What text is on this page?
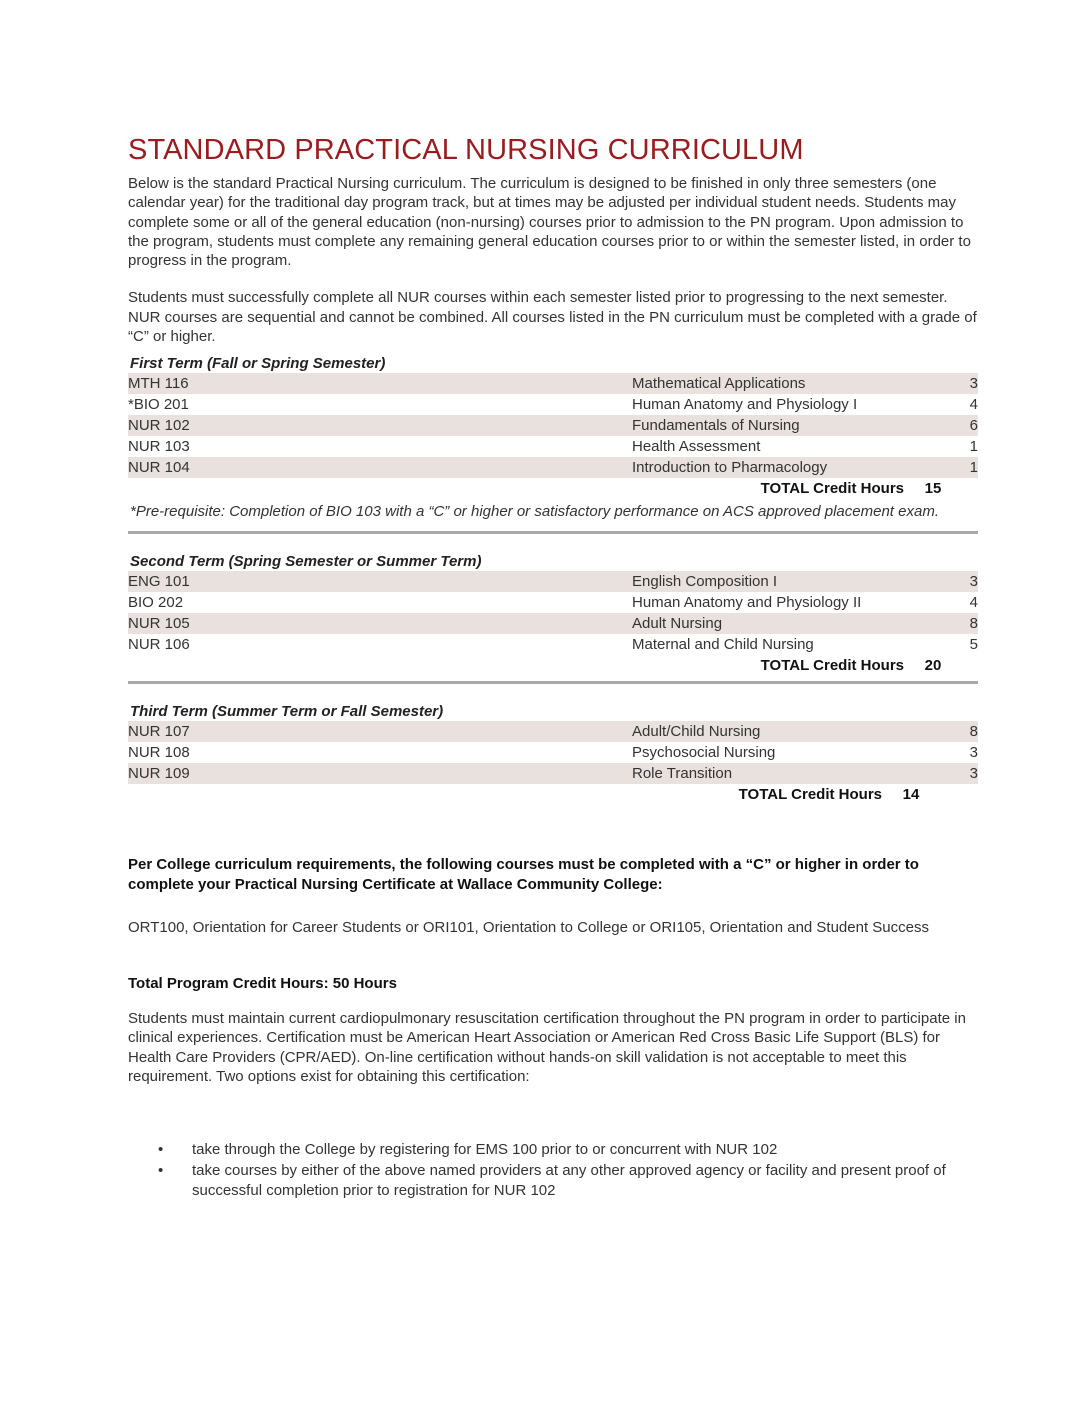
STANDARD PRACTICAL NURSING CURRICULUM

Below is the standard Practical Nursing curriculum. The curriculum is designed to be finished in only three semesters (one calendar year) for the traditional day program track, but at times may be adjusted per individual student needs. Students may complete some or all of the general education (non-nursing) courses prior to admission to the PN program. Upon admission to the program, students must complete any remaining general education courses prior to or within the semester listed, in order to progress in the program.

Students must successfully complete all NUR courses within each semester listed prior to progressing to the next semester. NUR courses are sequential and cannot be combined. All courses listed in the PN curriculum must be completed with a grade of “C” or higher.

First Term (Fall or Spring Semester)
MTH 116	Mathematical Applications	3
*BIO 201	Human Anatomy and Physiology I	4
NUR 102	Fundamentals of Nursing	6
NUR 103	Health Assessment	1
NUR 104	Introduction to Pharmacology	1
TOTAL Credit Hours	15
*Pre-requisite: Completion of BIO 103 with a “C” or higher or satisfactory performance on ACS approved placement exam.
Second Term (Spring Semester or Summer Term)
ENG 101	English Composition I	3
BIO 202	Human Anatomy and Physiology II	4
NUR 105	Adult Nursing	8
NUR 106	Maternal and Child Nursing	5
TOTAL Credit Hours	20
Third Term (Summer Term or Fall Semester)
NUR 107	Adult/Child Nursing	8
NUR 108	Psychosocial Nursing	3
NUR 109	Role Transition	3
TOTAL Credit Hours	14
Per College curriculum requirements, the following courses must be completed with a “C” or higher in order to complete your Practical Nursing Certificate at Wallace Community College:
ORT100, Orientation for Career Students or ORI101, Orientation to College or ORI105, Orientation and Student Success
Total Program Credit Hours: 50 Hours
Students must maintain current cardiopulmonary resuscitation certification throughout the PN program in order to participate in clinical experiences. Certification must be American Heart Association or American Red Cross Basic Life Support (BLS) for Health Care Providers (CPR/AED). On-line certification without hands-on skill validation is not acceptable to meet this requirement. Two options exist for obtaining this certification:
• take through the College by registering for EMS 100 prior to or concurrent with NUR 102
• take courses by either of the above named providers at any other approved agency or facility and present proof of successful completion prior to registration for NUR 102
